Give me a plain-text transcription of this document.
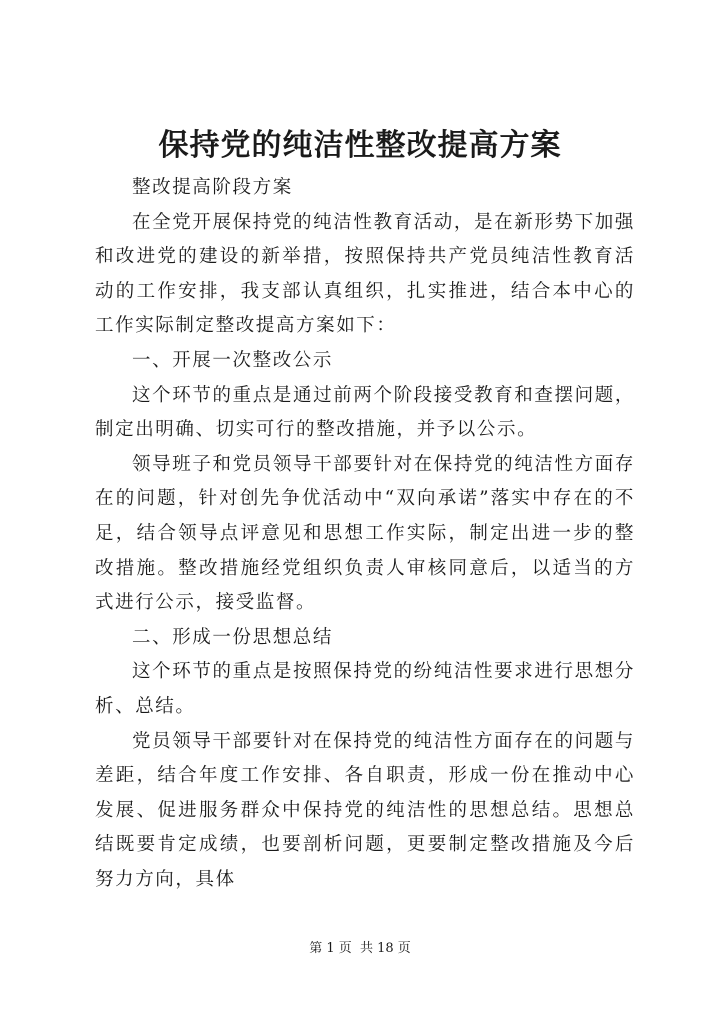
保持党的纯洁性整改提高方案

整改提高阶段方案

在全党开展保持党的纯洁性教育活动，是在新形势下加强和改进党的建设的新举措，按照保持共产党员纯洁性教育活动的工作安排，我支部认真组织，扎实推进，结合本中心的工作实际制定整改提高方案如下：

一、开展一次整改公示

这个环节的重点是通过前两个阶段接受教育和查摆问题，制定出明确、切实可行的整改措施，并予以公示。

领导班子和党员领导干部要针对在保持党的纯洁性方面存在的问题，针对创先争优活动中“双向承诺”落实中存在的不足，结合领导点评意见和思想工作实际，制定出进一步的整改措施。整改措施经党组织负责人审核同意后，以适当的方式进行公示，接受监督。

二、形成一份思想总结

这个环节的重点是按照保持党的纷纯洁性要求进行思想分析、总结。

党员领导干部要针对在保持党的纯洁性方面存在的问题与差距，结合年度工作安排、各自职责，形成一份在推动中心发展、促进服务群众中保持党的纯洁性的思想总结。思想总结既要肯定成绩，也要剖析问题，更要制定整改措施及今后努力方向，具体

第 1 页  共 18 页
